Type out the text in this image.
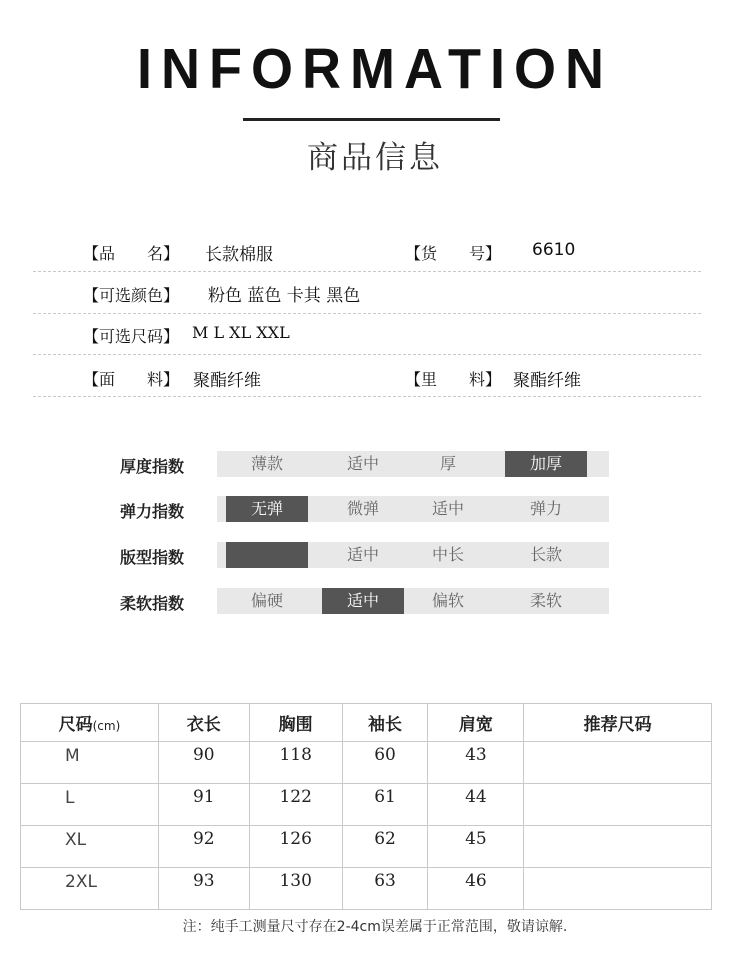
INFORMATION
商品信息
【品　　名】 长款棉服	【货　　号】 6610
【可选颜色】 粉色 蓝色 卡其 黑色
【可选尺码】 M L XL XXL
【面　　料】 聚酯纤维	【里　　料】 聚酯纤维
厚度指数	薄款	适中	厚	加厚
弹力指数	无弹	微弹	适中	弹力
版型指数	适中	中长	长款
柔软指数	偏硬	适中	偏软	柔软
尺码(cm)	衣长	胸围	袖长	肩宽	推荐尺码
M	90	118	60	43	
L	91	122	61	44	
XL	92	126	62	45	
2XL	93	130	63	46	
注：纯手工测量尺寸存在2-4cm误差属于正常范围，敬请谅解.
